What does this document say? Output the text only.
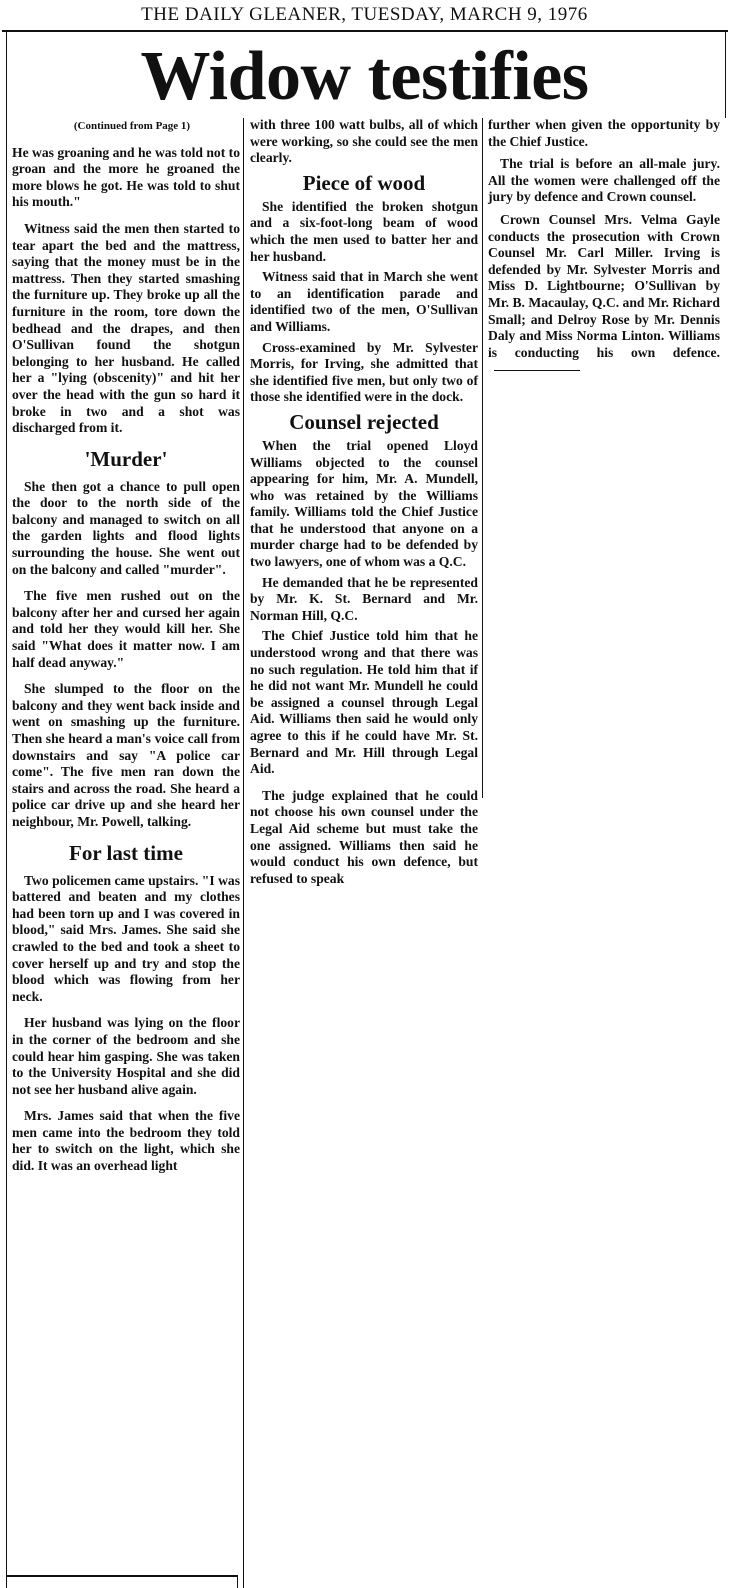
THE DAILY GLEANER, TUESDAY, MARCH 9, 1976
Widow testifies

(Continued from Page 1)

He was groaning and he was told not to groan and the more he groaned the more blows he got. He was told to shut his mouth."

Witness said the men then started to tear apart the bed and the mattress, saying that the money must be in the mattress. Then they started smashing the furniture up. They broke up all the furniture in the room, tore down the bedhead and the drapes, and then O'Sullivan found the shotgun belonging to her husband. He called her a "lying (obscenity)" and hit her over the head with the gun so hard it broke in two and a shot was discharged from it.

'Murder'

She then got a chance to pull open the door to the north side of the balcony and managed to switch on all the garden lights and flood lights surrounding the house. She went out on the balcony and called "murder".

The five men rushed out on the balcony after her and cursed her again and told her they would kill her. She said "What does it matter now. I am half dead anyway."

She slumped to the floor on the balcony and they went back inside and went on smashing up the furniture. Then she heard a man's voice call from downstairs and say "A police car come". The five men ran down the stairs and across the road. She heard a police car drive up and she heard her neighbour, Mr. Powell, talking.

For last time

Two policemen came upstairs. "I was battered and beaten and my clothes had been torn up and I was covered in blood," said Mrs. James. She said she crawled to the bed and took a sheet to cover herself up and try and stop the blood which was flowing from her neck.

Her husband was lying on the floor in the corner of the bedroom and she could hear him gasping. She was taken to the University Hospital and she did not see her husband alive again.

Mrs. James said that when the five men came into the bedroom they told her to switch on the light, which she did. It was an overhead light

with three 100 watt bulbs, all of which were working, so she could see the men clearly.

Piece of wood

She identified the broken shotgun and a six-foot-long beam of wood which the men used to batter her and her husband.

Witness said that in March she went to an identification parade and identified two of the men, O'Sullivan and Williams.

Cross-examined by Mr. Sylvester Morris, for Irving, she admitted that she identified five men, but only two of those she identified were in the dock.

Counsel rejected

When the trial opened Lloyd Williams objected to the counsel appearing for him, Mr. A. Mundell, who was retained by the Williams family. Williams told the Chief Justice that he understood that anyone on a murder charge had to be defended by two lawyers, one of whom was a Q.C.

He demanded that he be represented by Mr. K. St. Bernard and Mr. Norman Hill, Q.C.

The Chief Justice told him that he understood wrong and that there was no such regulation. He told him that if he did not want Mr. Mundell he could be assigned a counsel through Legal Aid. Williams then said he would only agree to this if he could have Mr. St. Bernard and Mr. Hill through Legal Aid.

The judge explained that he could not choose his own counsel under the Legal Aid scheme but must take the one assigned. Williams then said he would conduct his own defence, but refused to speak

further when given the opportunity by the Chief Justice.

The trial is before an all-male jury. All the women were challenged off the jury by defence and Crown counsel.

Crown Counsel Mrs. Velma Gayle conducts the prosecution with Crown Counsel Mr. Carl Miller. Irving is defended by Mr. Sylvester Morris and Miss D. Lightbourne; O'Sullivan by Mr. B. Macaulay, Q.C. and Mr. Richard Small; and Delroy Rose by Mr. Dennis Daly and Miss Norma Linton. Williams is conducting his own defence.
